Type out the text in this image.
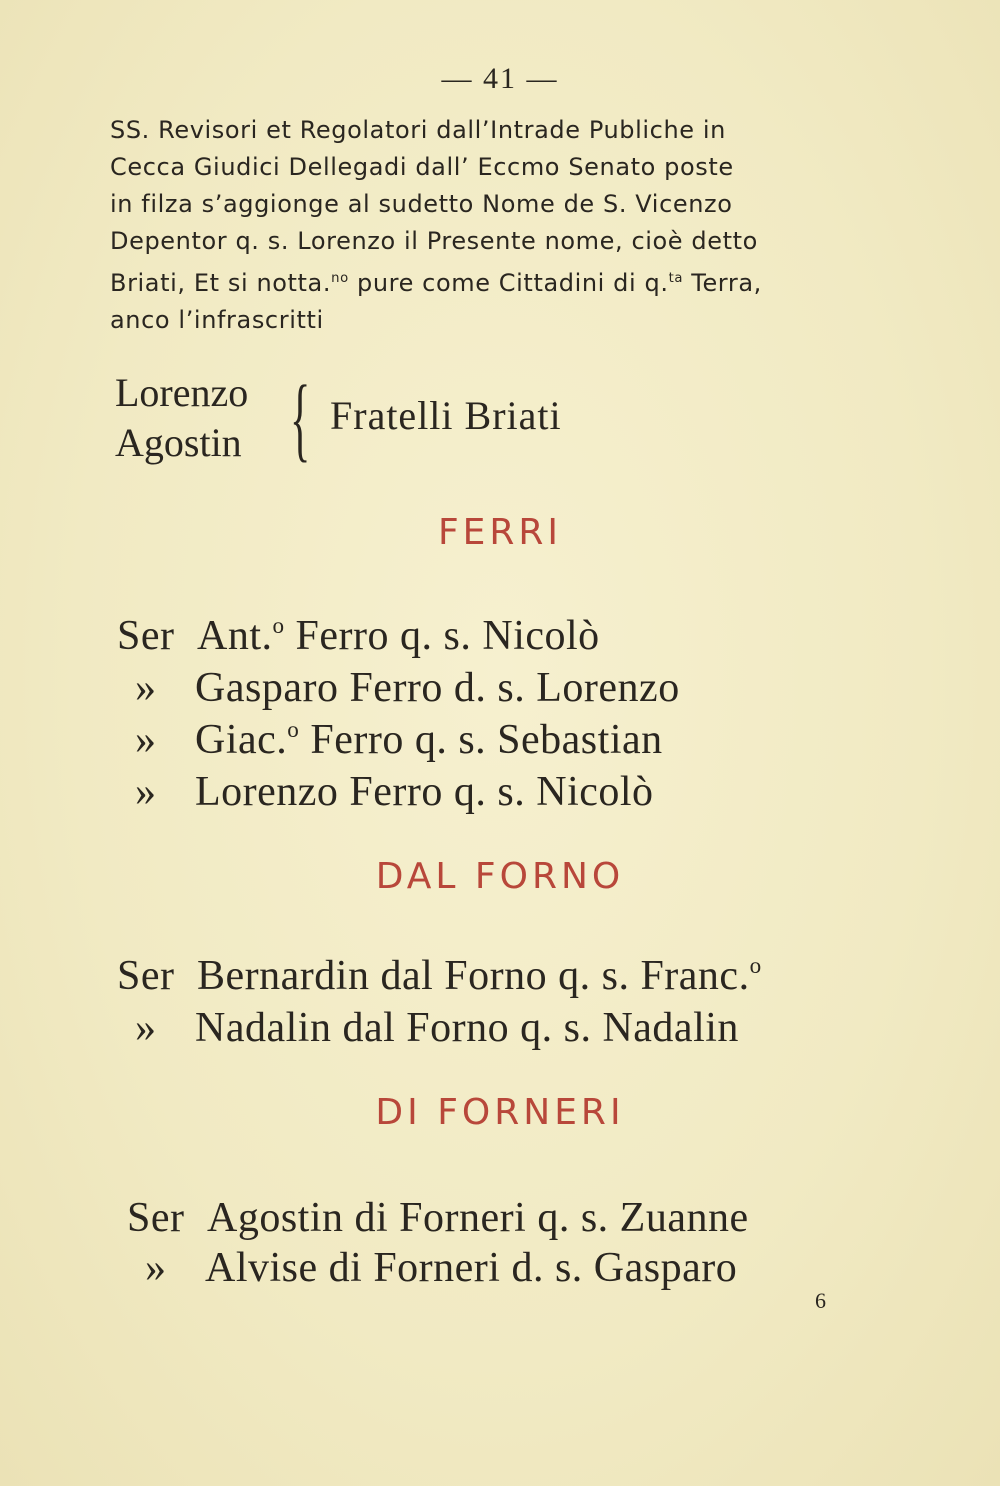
— 41 —
SS. Revisori et Regolatori dall’Intrade Publiche in
Cecca Giudici Dellegadi dall’ Eccmo Senato poste
in filza s’aggionge al sudetto Nome de S. Vicenzo
Depentor q. s. Lorenzo il Presente nome, cioè detto
Briati, Et si notta.$^{no}$ pure come Cittadini di q.$^{ta}$ Terra,
anco l’infrascritti
Lorenzo
Agostin { Fratelli Briati
FERRI
Ser Ant.$^o$ Ferro q. s. Nicolò
» Gasparo Ferro d. s. Lorenzo
» Giac.$^o$ Ferro q. s. Sebastian
» Lorenzo Ferro q. s. Nicolò
DAL FORNO
Ser Bernardin dal Forno q. s. Franc.$^o$
» Nadalin dal Forno q. s. Nadalin
DI FORNERI
Ser Agostin di Forneri q. s. Zuanne
» Alvise di Forneri d. s. Gasparo
6
